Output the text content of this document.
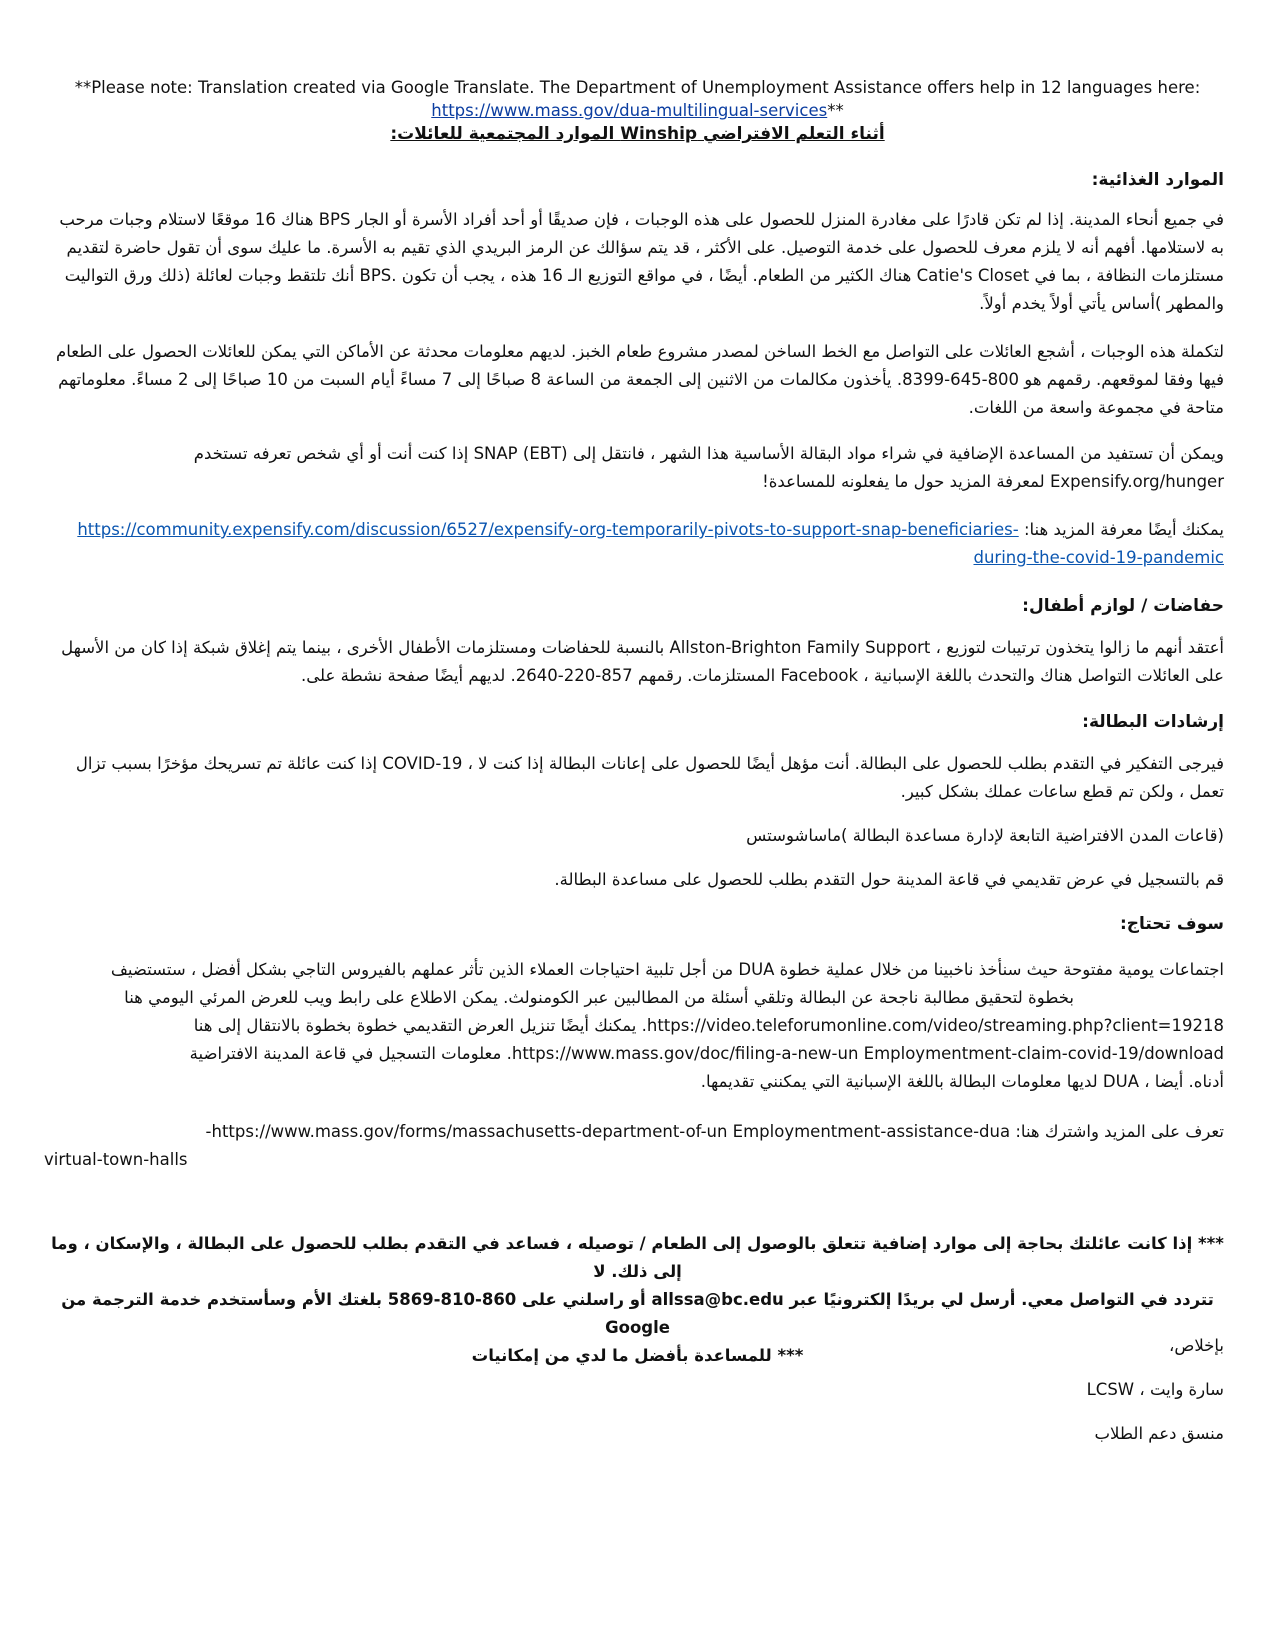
**Please note: Translation created via Google Translate. The Department of Unemployment Assistance offers help in 12 languages here:
https://www.mass.gov/dua-multilingual-services**
أثناء التعلم الافتراضي Winship الموارد المجتمعية للعائلات:
الموارد الغذائية:
في جميع أنحاء المدينة. إذا لم تكن قادرًا على مغادرة المنزل للحصول على هذه الوجبات ، فإن صديقًا أو أحد أفراد الأسرة أو الجار BPS هناك 16 موقعًا لاستلام وجبات مرحب به لاستلامها. أفهم أنه لا يلزم معرف للحصول على خدمة التوصيل. على الأكثر ، قد يتم سؤالك عن الرمز البريدي الذي تقيم به الأسرة. ما عليك سوى أن تقول حاضرة لتقديم مستلزمات النظافة ، بما في Catie's Closet هناك الكثير من الطعام. أيضًا ، في مواقع التوزيع الـ 16 هذه ، يجب أن تكون .BPS أنك تلتقط وجبات لعائلة (ذلك ورق التواليت والمطهر )أساس يأتي أولاً يخدم أولاً.
لتكملة هذه الوجبات ، أشجع العائلات على التواصل مع الخط الساخن لمصدر مشروع طعام الخبز. لديهم معلومات محدثة عن الأماكن التي يمكن للعائلات الحصول على الطعام فيها وفقا لموقعهم. رقمهم هو 800-645-8399. يأخذون مكالمات من الاثنين إلى الجمعة من الساعة 8 صباحًا إلى 7 مساءً أيام السبت من 10 صباحًا إلى 2 مساءً. معلوماتهم متاحة في مجموعة واسعة من اللغات.
ويمكن أن تستفيد من المساعدة الإضافية في شراء مواد البقالة الأساسية هذا الشهر ، فانتقل إلى SNAP (EBT) إذا كنت أنت أو أي شخص تعرفه تستخدم Expensify.org/hunger لمعرفة المزيد حول ما يفعلونه للمساعدة!
يمكنك أيضًا معرفة المزيد هنا: https://community.expensify.com/discussion/6527/expensify-org-temporarily-pivots-to-support-snap-beneficiaries-during-the-covid-19-pandemic
حفاضات / لوازم أطفال:
أعتقد أنهم ما زالوا يتخذون ترتيبات لتوزيع ، Allston-Brighton Family Support بالنسبة للحفاضات ومستلزمات الأطفال الأخرى ، بينما يتم إغلاق شبكة إذا كان من الأسهل على العائلات التواصل هناك والتحدث باللغة الإسبانية ، Facebook المستلزمات. رقمهم 857-220-2640. لديهم أيضًا صفحة نشطة على.
إرشادات البطالة:
فيرجى التفكير في التقدم بطلب للحصول على البطالة. أنت مؤهل أيضًا للحصول على إعانات البطالة إذا كنت لا ، COVID-19 إذا كنت عائلة تم تسريحك مؤخرًا بسبب تزال تعمل ، ولكن تم قطع ساعات عملك بشكل كبير.
(قاعات المدن الافتراضية التابعة لإدارة مساعدة البطالة )ماساشوستس
قم بالتسجيل في عرض تقديمي في قاعة المدينة حول التقدم بطلب للحصول على مساعدة البطالة.
سوف تحتاج:
اجتماعات يومية مفتوحة حيث سنأخذ ناخبينا من خلال عملية خطوة DUA من أجل تلبية احتياجات العملاء الذين تأثر عملهم بالفيروس التاجي بشكل أفضل ، ستستضيف
بخطوة لتحقيق مطالبة ناجحة عن البطالة وتلقي أسئلة من المطالبين عبر الكومنولث. يمكن الاطلاع على رابط ويب للعرض المرئي اليومي هنا
https://video.teleforumonline.com/video/streaming.php?client=19218. يمكنك أيضًا تنزيل العرض التقديمي خطوة بخطوة بالانتقال إلى هنا
https://www.mass.gov/doc/filing-a-new-un Employmentment-claim-covid-19/download. معلومات التسجيل في قاعة المدينة الافتراضية
أدناه. أيضا ، DUA لديها معلومات البطالة باللغة الإسبانية التي يمكنني تقديمها.
تعرف على المزيد واشترك هنا: https://www.mass.gov/forms/massachusetts-department-of-un Employmentment-assistance-dua-
virtual-town-halls
*** إذا كانت عائلتك بحاجة إلى موارد إضافية تتعلق بالوصول إلى الطعام / توصيله ، فساعد في التقدم بطلب للحصول على البطالة ، والإسكان ، وما إلى ذلك. لا
تتردد في التواصل معي. أرسل لي بريدًا إلكترونيًا عبر allssa@bc.edu أو راسلني على 860-810-5869 بلغتك الأم وسأستخدم خدمة الترجمة من Google
*** للمساعدة بأفضل ما لدي من إمكانيات
بإخلاص،
سارة وايت ، LCSW
منسق دعم الطلاب
